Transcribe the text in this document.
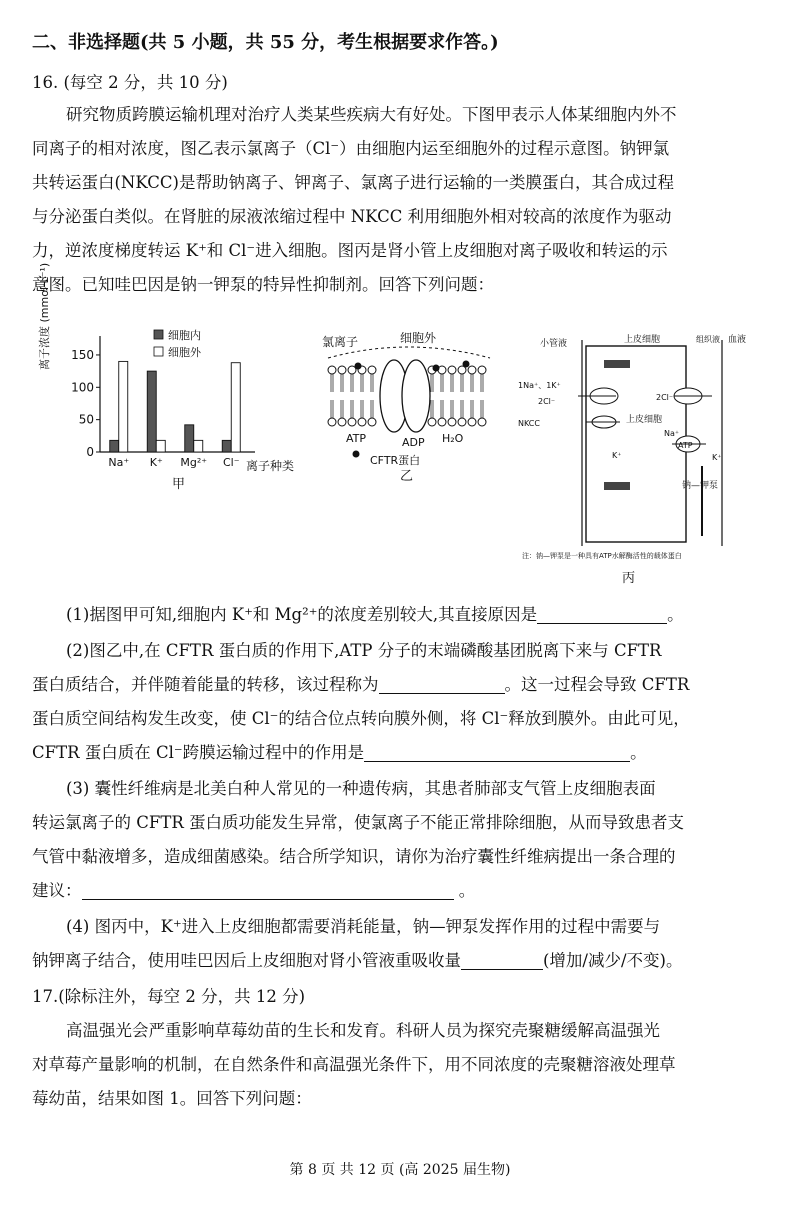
二、非选择题(共 5 小题，共 55 分，考生根据要求作答。)
16. (每空 2 分，共 10 分)
研究物质跨膜运输机理对治疗人类某些疾病大有好处。下图甲表示人体某细胞内外不
同离子的相对浓度，图乙表示氯离子（Cl⁻）由细胞内运至细胞外的过程示意图。钠钾氯
共转运蛋白(NKCC)是帮助钠离子、钾离子、氯离子进行运输的一类膜蛋白，其合成过程
与分泌蛋白类似。在肾脏的尿液浓缩过程中 NKCC 利用细胞外相对较高的浓度作为驱动
力，逆浓度梯度转运 K⁺和 Cl⁻进入细胞。图丙是肾小管上皮细胞对离子吸收和转运的示
意图。已知哇巴因是钠一钾泵的特异性抑制剂。回答下列问题：
0
50
100
150
Na⁺ K⁺ Mg²⁺ Cl⁻
离子浓度 (mmol·L⁻¹)	细胞内
细胞外
离子种类
甲
氯离子	细胞外
ATP	ADP H₂O
CFTR蛋白
乙
小管液	上皮细胞	组织液 血液
1Na⁺、1K⁺
2Cl⁻
NKCC	上皮细胞
2Cl⁻
K⁺
Na⁺
ATP
K⁺
钠—钾泵
注：钠—钾泵是一种具有ATP水解酶活性的载体蛋白
丙
(1)据图甲可知,细胞内 K⁺和 Mg²⁺的浓度差别较大,其直接原因是	。
(2)图乙中,在 CFTR 蛋白质的作用下,ATP 分子的末端磷酸基团脱离下来与 CFTR
蛋白质结合，并伴随着能量的转移，该过程称为	。这一过程会导致 CFTR
蛋白质空间结构发生改变，使 Cl⁻的结合位点转向膜外侧，将 Cl⁻释放到膜外。由此可见，
CFTR 蛋白质在 Cl⁻跨膜运输过程中的作用是	。
(3) 囊性纤维病是北美白种人常见的一种遗传病，其患者肺部支气管上皮细胞表面
转运氯离子的 CFTR 蛋白质功能发生异常，使氯离子不能正常排除细胞，从而导致患者支
气管中黏液增多，造成细菌感染。结合所学知识，请你为治疗囊性纤维病提出一条合理的
建议：	。
(4) 图丙中，K⁺进入上皮细胞都需要消耗能量，钠—钾泵发挥作用的过程中需要与
钠钾离子结合，使用哇巴因后上皮细胞对肾小管液重吸收量	(增加/减少/不变)。
17.(除标注外，每空 2 分，共 12 分)
高温强光会严重影响草莓幼苗的生长和发育。科研人员为探究壳聚糖缓解高温强光
对草莓产量影响的机制，在自然条件和高温强光条件下，用不同浓度的壳聚糖溶液处理草
莓幼苗，结果如图 1。回答下列问题：
第 8 页 共 12 页 (高 2025 届生物)
